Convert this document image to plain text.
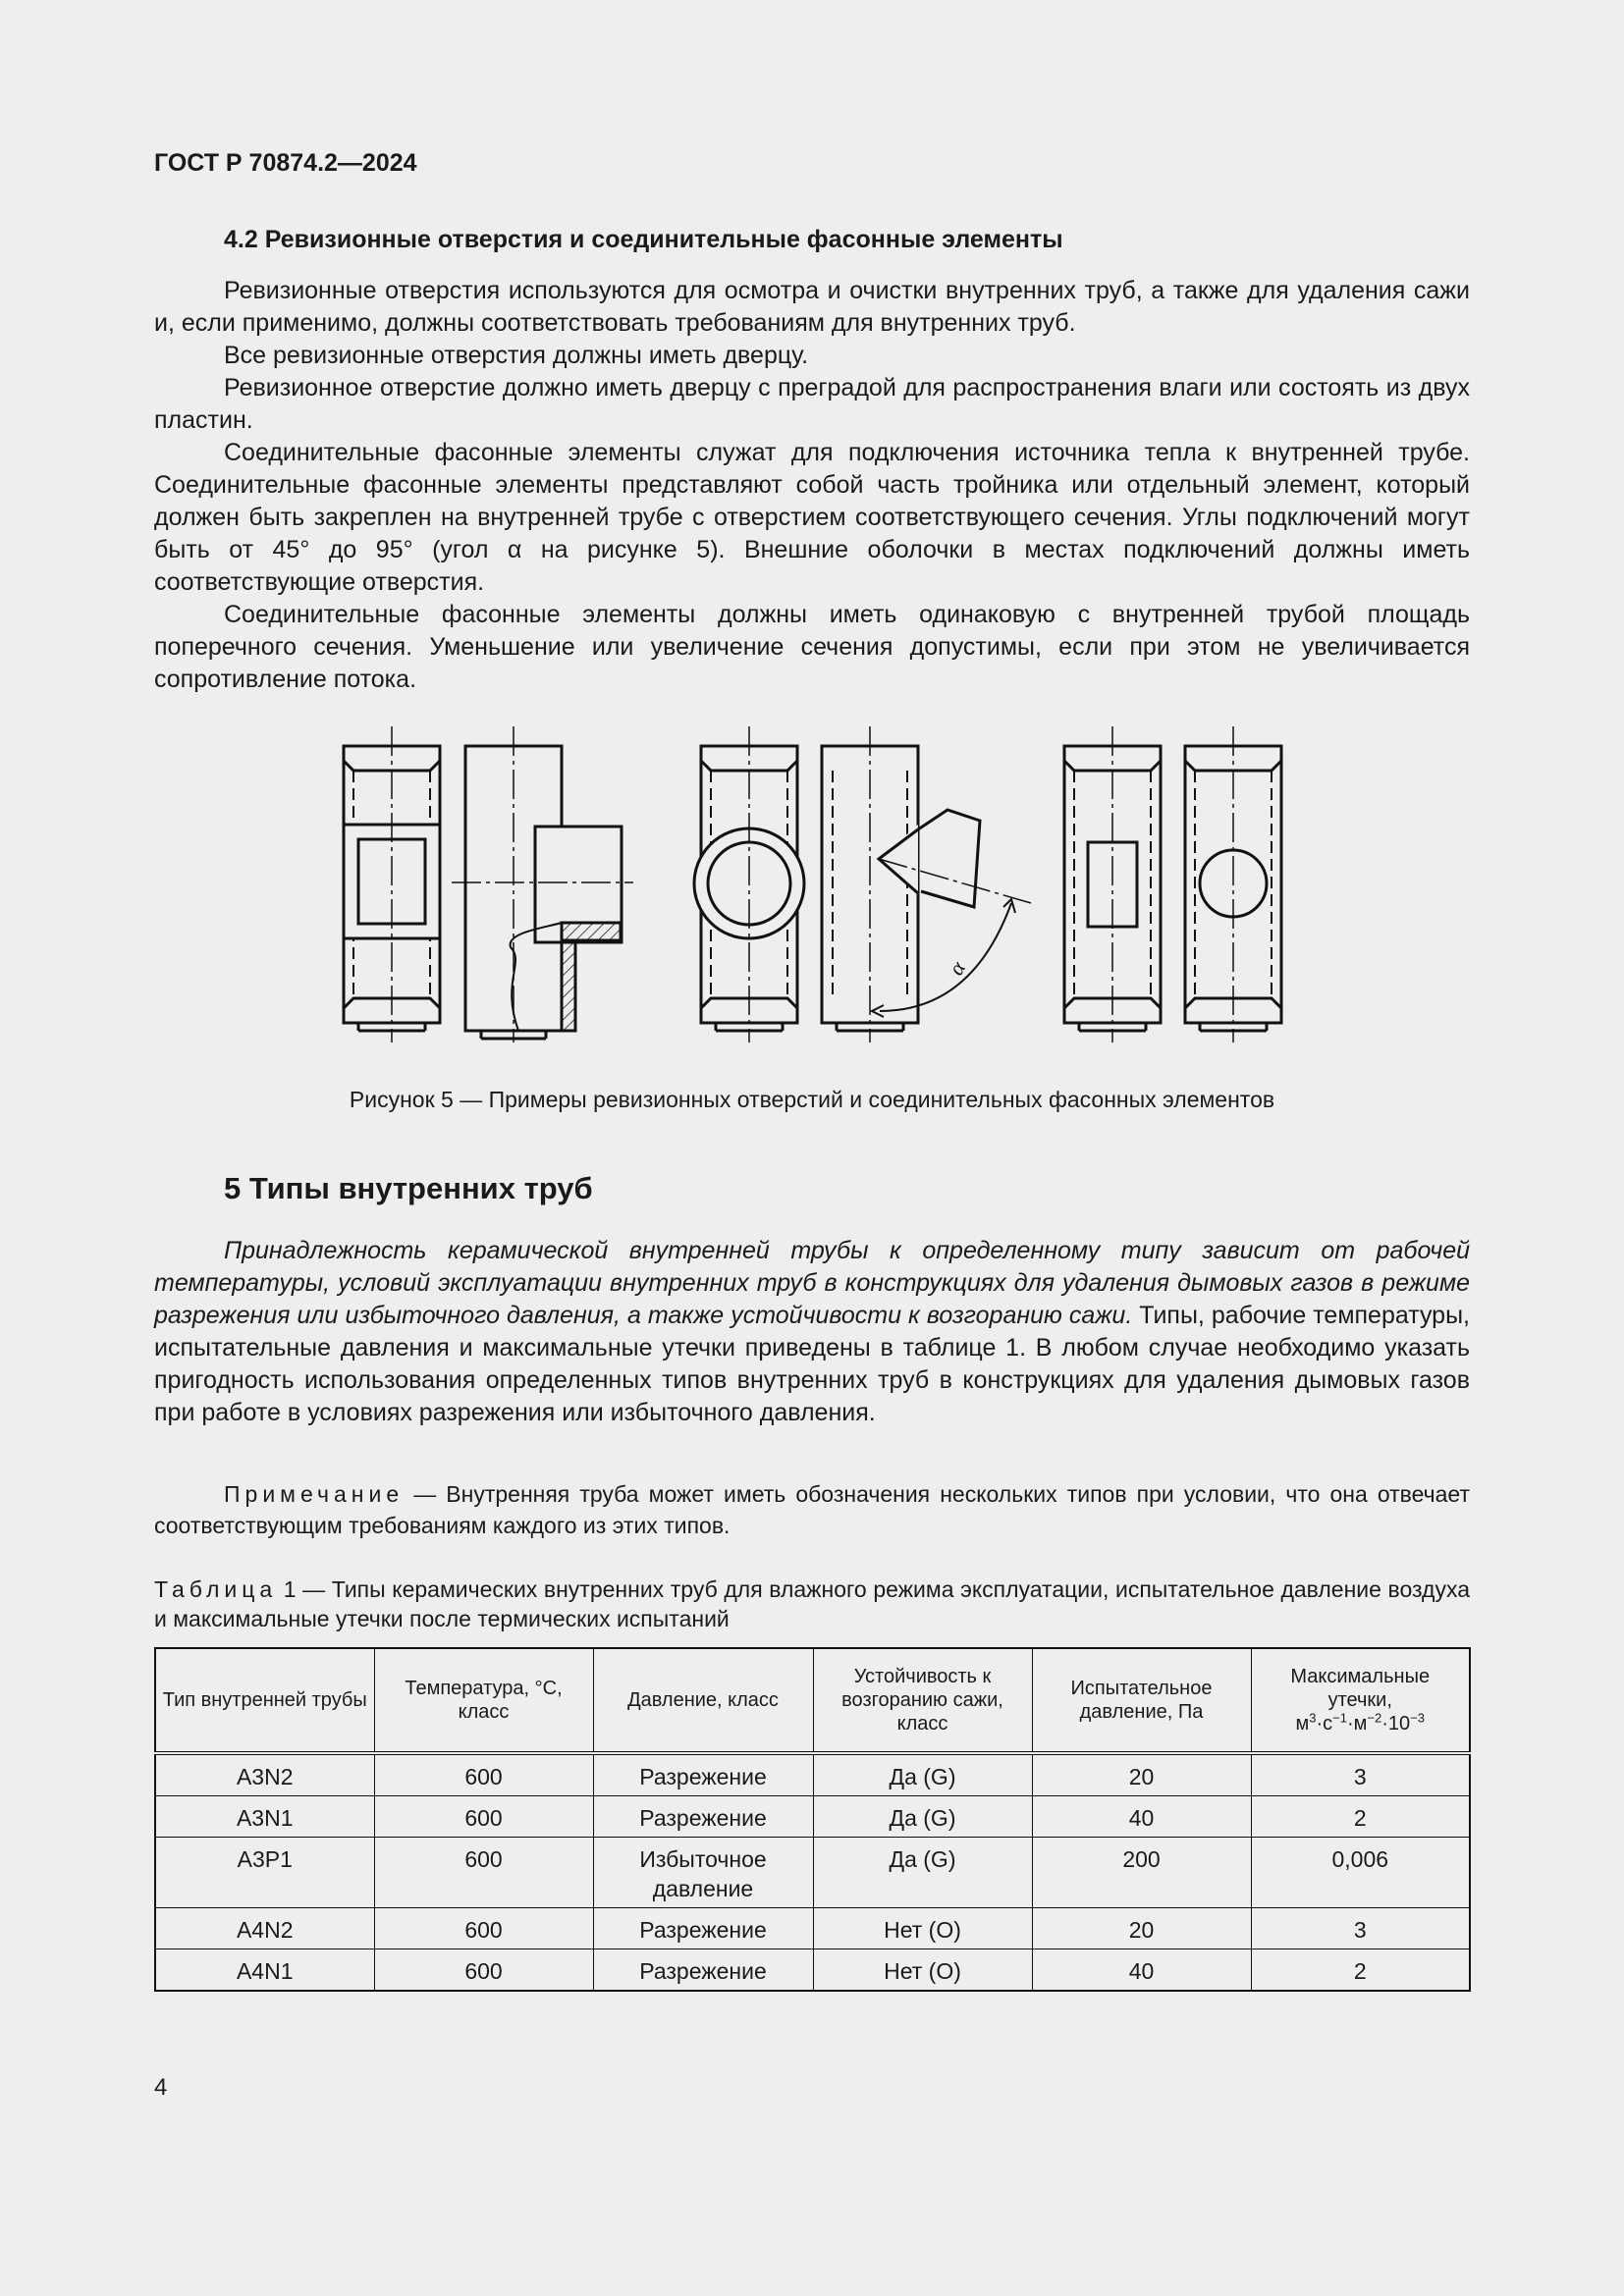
ГОСТ Р 70874.2—2024
4.2 Ревизионные отверстия и соединительные фасонные элементы

Ревизионные отверстия используются для осмотра и очистки внутренних труб, а также для удаления сажи и, если применимо, должны соответствовать требованиям для внутренних труб.

Все ревизионные отверстия должны иметь дверцу.

Ревизионное отверстие должно иметь дверцу с преградой для распространения влаги или состоять из двух пластин.

Соединительные фасонные элементы служат для подключения источника тепла к внутренней трубе. Соединительные фасонные элементы представляют собой часть тройника или отдельный элемент, который должен быть закреплен на внутренней трубе с отверстием соответствующего сечения. Углы подключений могут быть от 45° до 95° (угол α на рисунке 5). Внешние оболочки в местах подключений должны иметь соответствующие отверстия.

Соединительные фасонные элементы должны иметь одинаковую с внутренней трубой площадь поперечного сечения. Уменьшение или увеличение сечения допустимы, если при этом не увеличивается сопротивление потока.

α
Рисунок 5 — Примеры ревизионных отверстий и соединительных фасонных элементов
5 Типы внутренних труб

Принадлежность керамической внутренней трубы к определенному типу зависит от рабочей температуры, условий эксплуатации внутренних труб в конструкциях для удаления дымовых газов в режиме разрежения или избыточного давления, а также устойчивости к возгоранию сажи. Типы, рабочие температуры, испытательные давления и максимальные утечки приведены в таблице 1. В любом случае необходимо указать пригодность использования определенных типов внутренних труб в конструкциях для удаления дымовых газов при работе в условиях разрежения или избыточного давления.

Примечание — Внутренняя труба может иметь обозначения нескольких типов при условии, что она отвечает соответствующим требованиям каждого из этих типов.
Таблица 1 — Типы керамических внутренних труб для влажного режима эксплуатации, испытательное давление воздуха и максимальные утечки после термических испытаний
Тип внутренней трубы	Температура, °С, класс	Давление, класс	Устойчивость к возгоранию сажи, класс	Испытательное давление, Па	Максимальные утечки,
$м^3\cdot с^{-1}\cdot м^{-2}\cdot 10^{-3}$
A3N2	600	Разрежение	Да (G)	20	3
A3N1	600	Разрежение	Да (G)	40	2
A3P1	600	Избыточное давление	Да (G)	200	0,006
A4N2	600	Разрежение	Нет (O)	20	3
A4N1	600	Разрежение	Нет (O)	40	2
4
